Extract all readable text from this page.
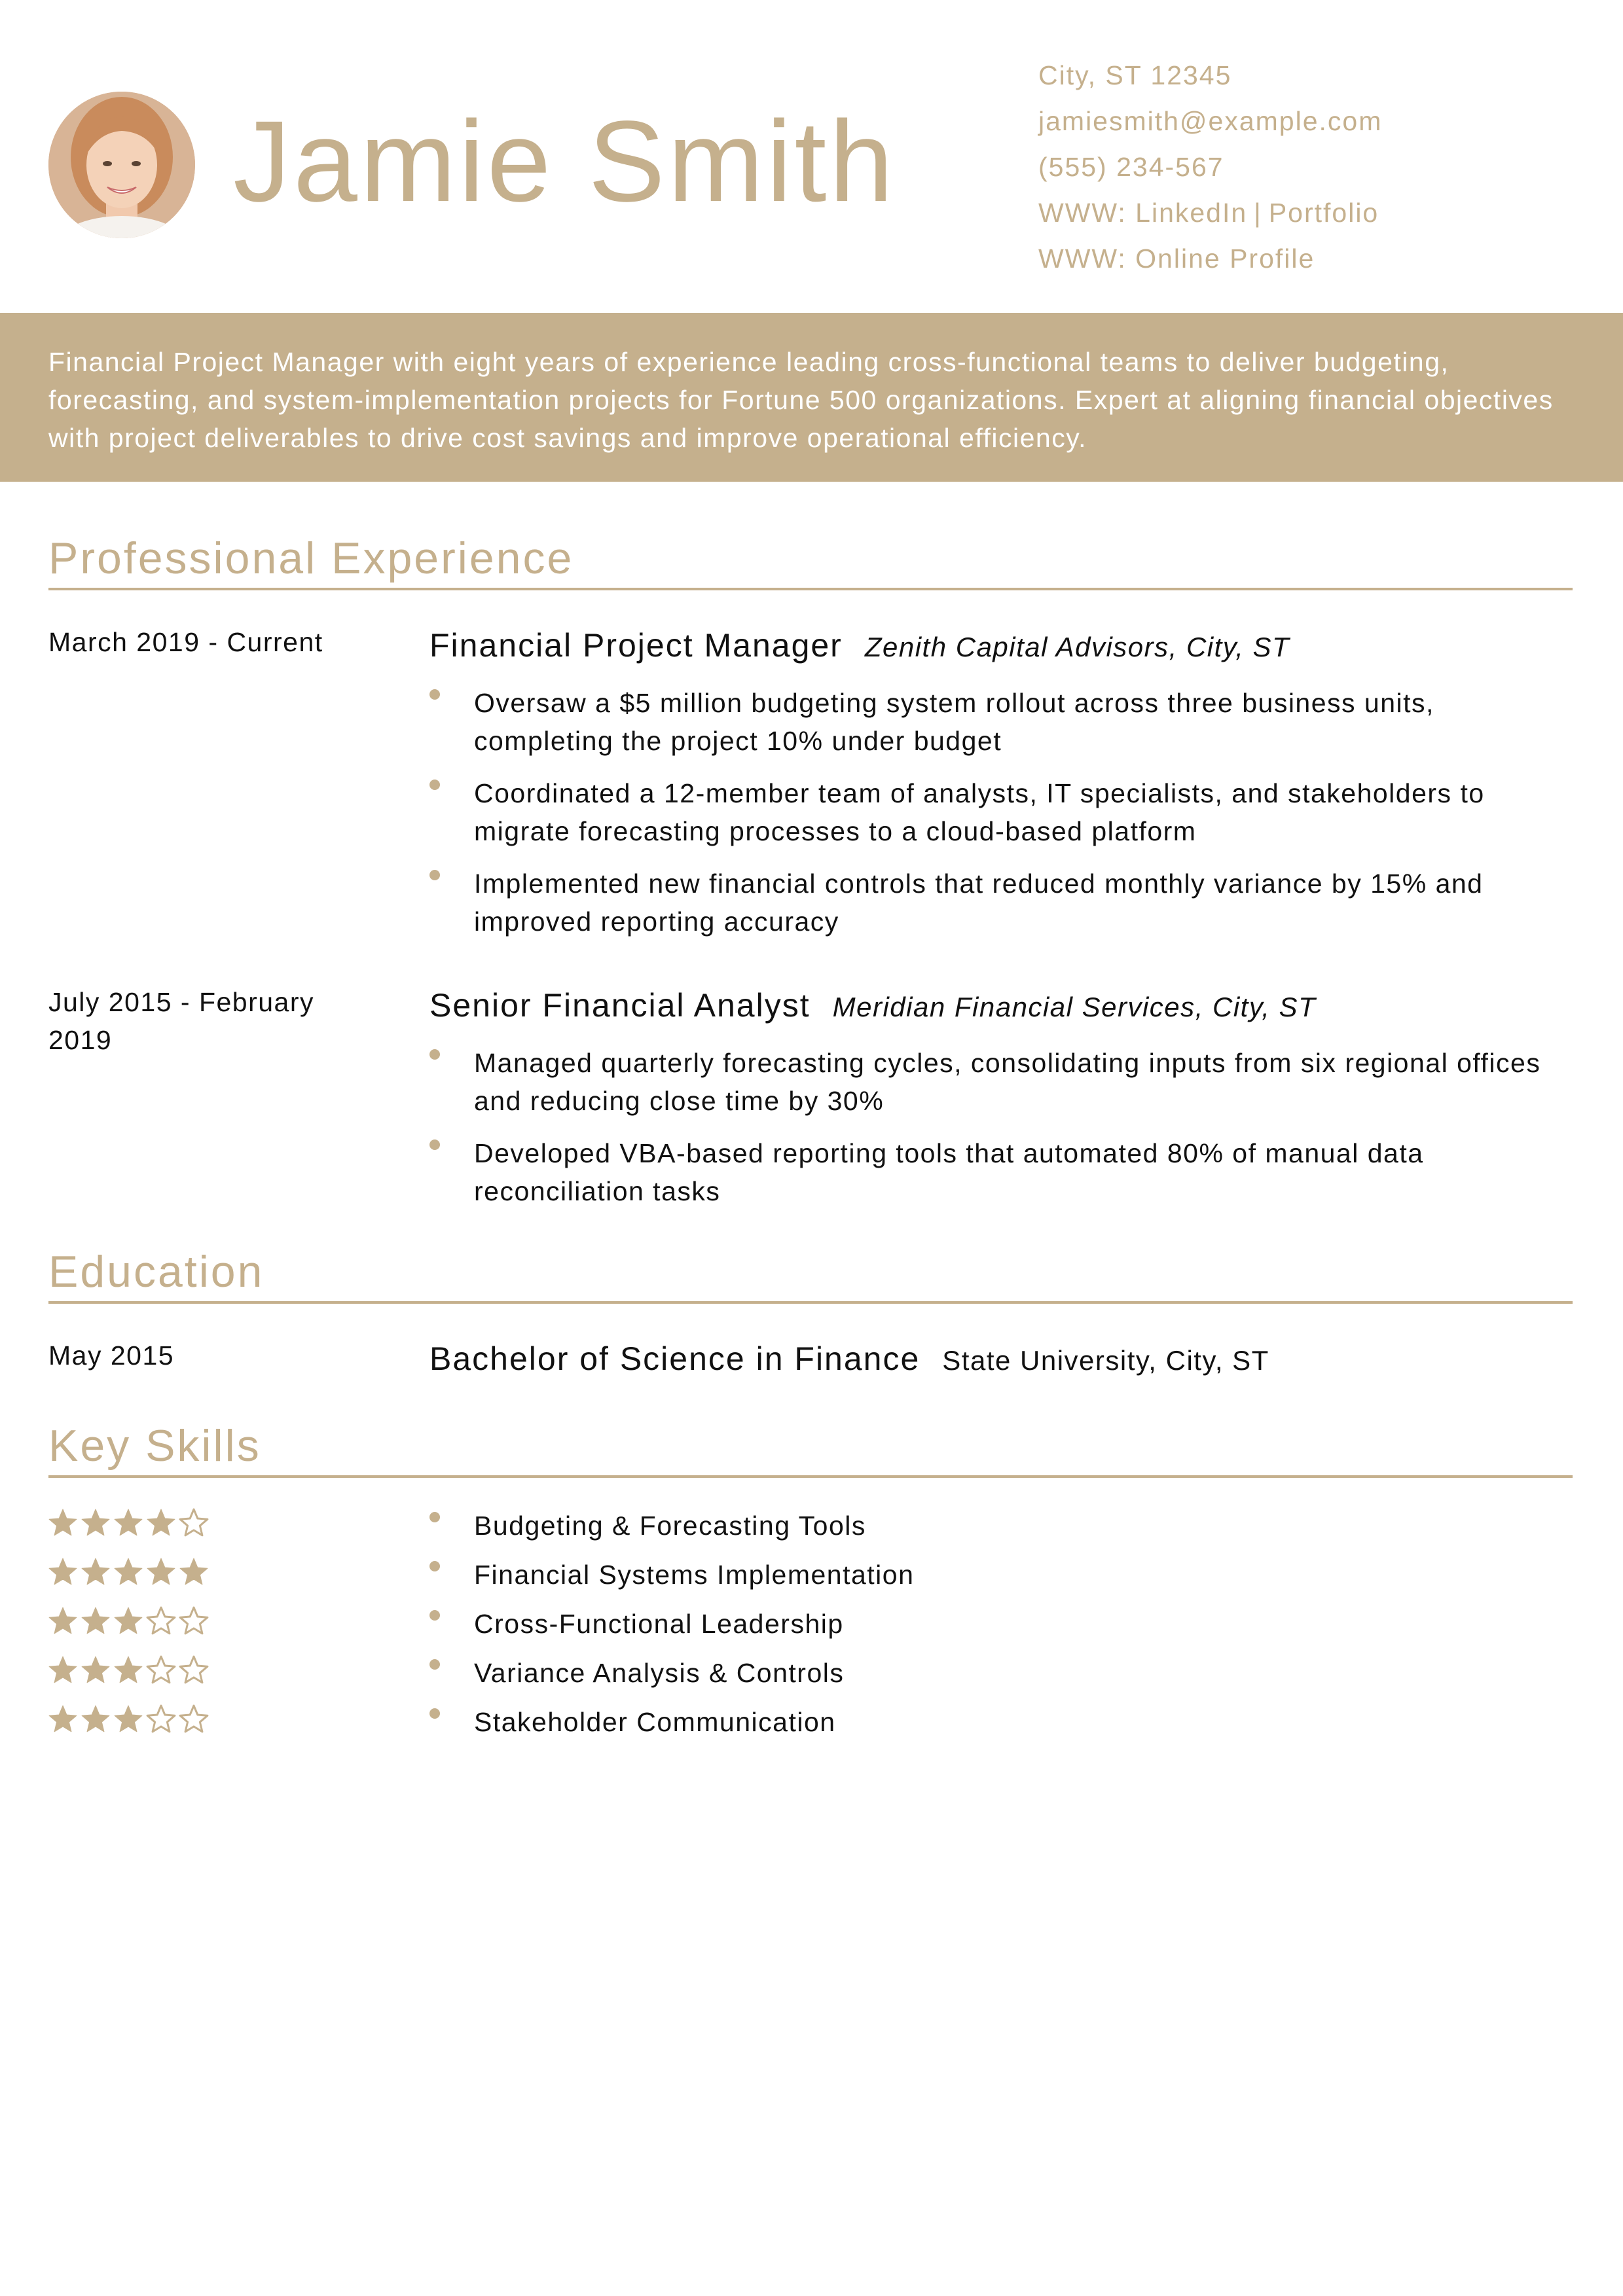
Jamie Smith
City, ST 12345
jamiesmith@example.com
(555) 234-567
WWW: LinkedIn | Portfolio
WWW: Online Profile

Financial Project Manager with eight years of experience leading cross-functional teams to deliver budgeting, forecasting, and system-implementation projects for Fortune 500 organizations. Expert at aligning financial objectives with project deliverables to drive cost savings and improve operational efficiency.

Professional Experience
March 2019 - Current	Financial Project Manager Zenith Capital Advisors, City, ST
Oversaw a $5 million budgeting system rollout across three business units, completing the project 10% under budget
Coordinated a 12-member team of analysts, IT specialists, and stakeholders to migrate forecasting processes to a cloud-based platform
Implemented new financial controls that reduced monthly variance by 15% and improved reporting accuracy
July 2015 - February 2019
Senior Financial Analyst Meridian Financial Services, City, ST
Managed quarterly forecasting cycles, consolidating inputs from six regional offices and reducing close time by 30%
Developed VBA-based reporting tools that automated 80% of manual data reconciliation tasks
Education
May 2015	Bachelor of Science in Finance State University, City, ST
Key Skills
Budgeting & Forecasting Tools
Financial Systems Implementation
Cross-Functional Leadership
Variance Analysis & Controls
Stakeholder Communication
